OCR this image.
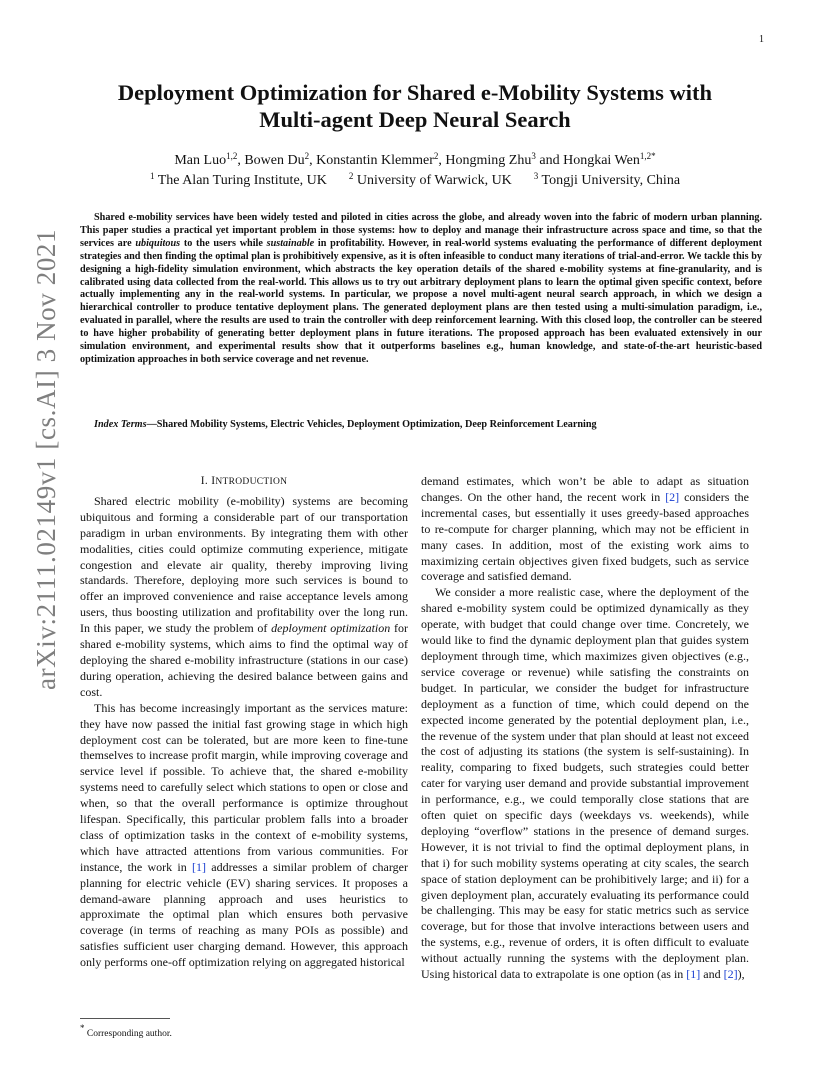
1
arXiv:2111.02149v1 [cs.AI] 3 Nov 2021
Deployment Optimization for Shared e-Mobility Systems with
Multi-agent Deep Neural Search
Man Luo$^{1,2}$, Bowen Du$^2$, Konstantin Klemmer$^2$, Hongming Zhu$^3$ and Hongkai Wen$^{1,2*}$
$^1$ The Alan Turing Institute, UK $^2$ University of Warwick, UK $^3$ Tongji University, China
Shared e-mobility services have been widely tested and piloted in cities across the globe, and already woven into the fabric of modern urban planning. This paper studies a practical yet important problem in those systems: how to deploy and manage their infrastructure across space and time, so that the services are ubiquitous to the users while sustainable in profitability. However, in real-world systems evaluating the performance of different deployment strategies and then finding the optimal plan is prohibitively expensive, as it is often infeasible to conduct many iterations of trial-and-error. We tackle this by designing a high-fidelity simulation environment, which abstracts the key operation details of the shared e-mobility systems at fine-granularity, and is calibrated using data collected from the real-world. This allows us to try out arbitrary deployment plans to learn the optimal given specific context, before actually implementing any in the real-world systems. In particular, we propose a novel multi-agent neural search approach, in which we design a hierarchical controller to produce tentative deployment plans. The generated deployment plans are then tested using a multi-simulation paradigm, i.e., evaluated in parallel, where the results are used to train the controller with deep reinforcement learning. With this closed loop, the controller can be steered to have higher probability of generating better deployment plans in future iterations. The proposed approach has been evaluated extensively in our simulation environment, and experimental results show that it outperforms baselines e.g., human knowledge, and state-of-the-art heuristic-based optimization approaches in both service coverage and net revenue.
Index Terms—Shared Mobility Systems, Electric Vehicles, Deployment Optimization, Deep Reinforcement Learning
I. INTRODUCTION

Shared electric mobility (e-mobility) systems are becoming ubiquitous and forming a considerable part of our transportation paradigm in urban environments. By integrating them with other modalities, cities could optimize commuting experience, mitigate congestion and elevate air quality, thereby improving living standards. Therefore, deploying more such services is bound to offer an improved convenience and raise acceptance levels among users, thus boosting utilization and profitability over the long run. In this paper, we study the problem of deployment optimization for shared e-mobility systems, which aims to find the optimal way of deploying the shared e-mobility infrastructure (stations in our case) during operation, achieving the desired balance between gains and cost.

This has become increasingly important as the services mature: they have now passed the initial fast growing stage in which high deployment cost can be tolerated, but are more keen to fine-tune themselves to increase profit margin, while improving coverage and service level if possible. To achieve that, the shared e-mobility systems need to carefully select which stations to open or close and when, so that the overall performance is optimize throughout lifespan. Specifically, this particular problem falls into a broader class of optimization tasks in the context of e-mobility systems, which have attracted attentions from various communities. For instance, the work in [1] addresses a similar problem of charger planning for electric vehicle (EV) sharing services. It proposes a demand-aware planning approach and uses heuristics to approximate the optimal plan which ensures both pervasive coverage (in terms of reaching as many POIs as possible) and satisfies sufficient user charging demand. However, this approach only performs one-off optimization relying on aggregated historical

demand estimates, which won’t be able to adapt as situation changes. On the other hand, the recent work in [2] considers the incremental cases, but essentially it uses greedy-based approaches to re-compute for charger planning, which may not be efficient in many cases. In addition, most of the existing work aims to maximizing certain objectives given fixed budgets, such as service coverage and satisfied demand.

We consider a more realistic case, where the deployment of the shared e-mobility system could be optimized dynamically as they operate, with budget that could change over time. Concretely, we would like to find the dynamic deployment plan that guides system deployment through time, which maximizes given objectives (e.g., service coverage or revenue) while satisfing the constraints on budget. In particular, we consider the budget for infrastructure deployment as a function of time, which could depend on the expected income generated by the potential deployment plan, i.e., the revenue of the system under that plan should at least not exceed the cost of adjusting its stations (the system is self-sustaining). In reality, comparing to fixed budgets, such strategies could better cater for varying user demand and provide substantial improvement in performance, e.g., we could temporally close stations that are often quiet on specific days (weekdays vs. weekends), while deploying “overflow” stations in the presence of demand surges. However, it is not trivial to find the optimal deployment plans, in that i) for such mobility systems operating at city scales, the search space of station deployment can be prohibitively large; and ii) for a given deployment plan, accurately evaluating its performance could be challenging. This may be easy for static metrics such as service coverage, but for those that involve interactions between users and the systems, e.g., revenue of orders, it is often difficult to evaluate without actually running the systems with the deployment plan. Using historical data to extrapolate is one option (as in [1] and [2]),

* Corresponding author.
